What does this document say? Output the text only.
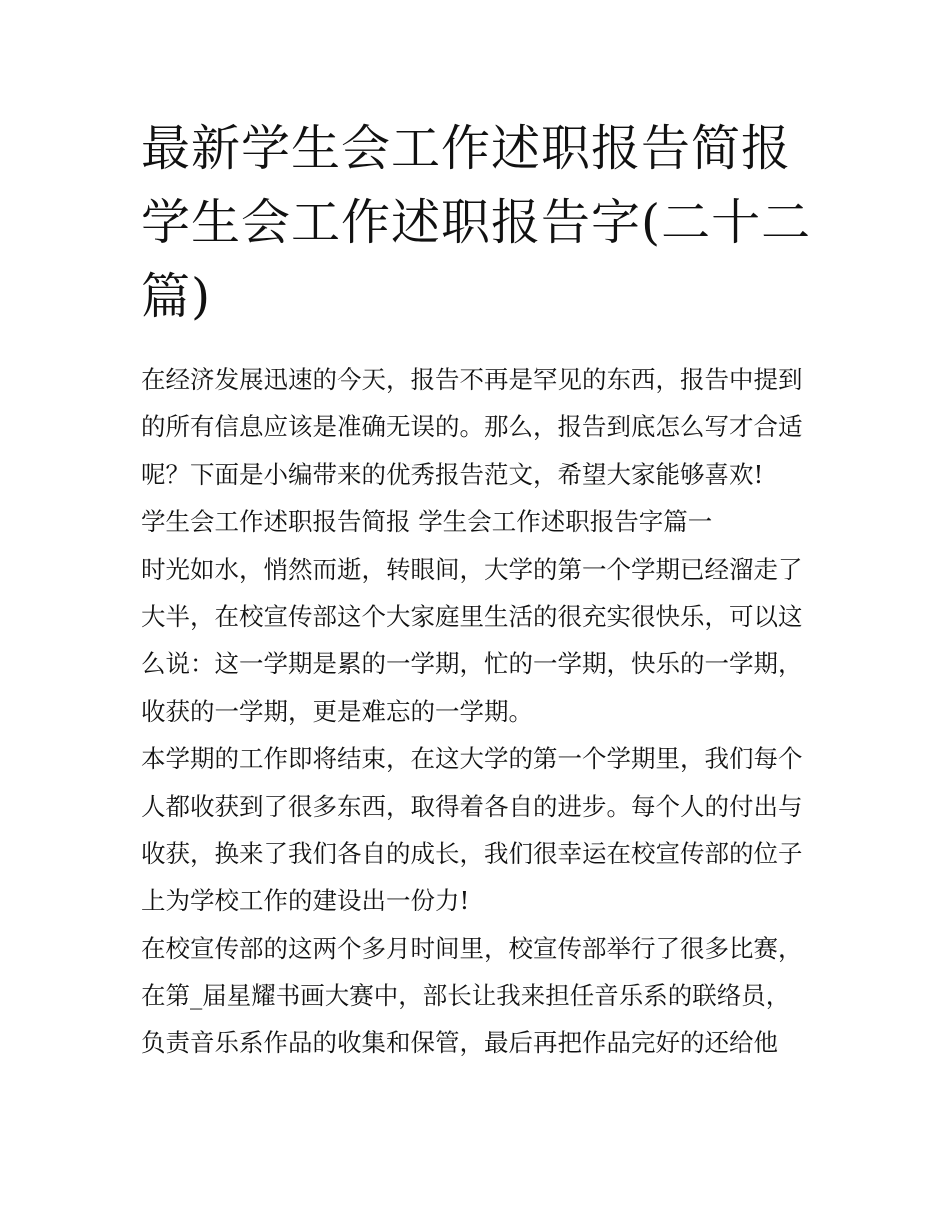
最新学生会工作述职报告简报
学生会工作述职报告字(二十二
篇)
在经济发展迅速的今天，报告不再是罕见的东西，报告中提到
的所有信息应该是准确无误的。那么，报告到底怎么写才合适
呢？下面是小编带来的优秀报告范文，希望大家能够喜欢!
学生会工作述职报告简报 学生会工作述职报告字篇一
时光如水，悄然而逝，转眼间，大学的第一个学期已经溜走了
大半，在校宣传部这个大家庭里生活的很充实很快乐，可以这
么说：这一学期是累的一学期，忙的一学期，快乐的一学期，
收获的一学期，更是难忘的一学期。
本学期的工作即将结束，在这大学的第一个学期里，我们每个
人都收获到了很多东西，取得着各自的进步。每个人的付出与
收获，换来了我们各自的成长，我们很幸运在校宣传部的位子
上为学校工作的建设出一份力!
在校宣传部的这两个多月时间里，校宣传部举行了很多比赛，
在第_届星耀书画大赛中，部长让我来担任音乐系的联络员，
负责音乐系作品的收集和保管，最后再把作品完好的还给他
